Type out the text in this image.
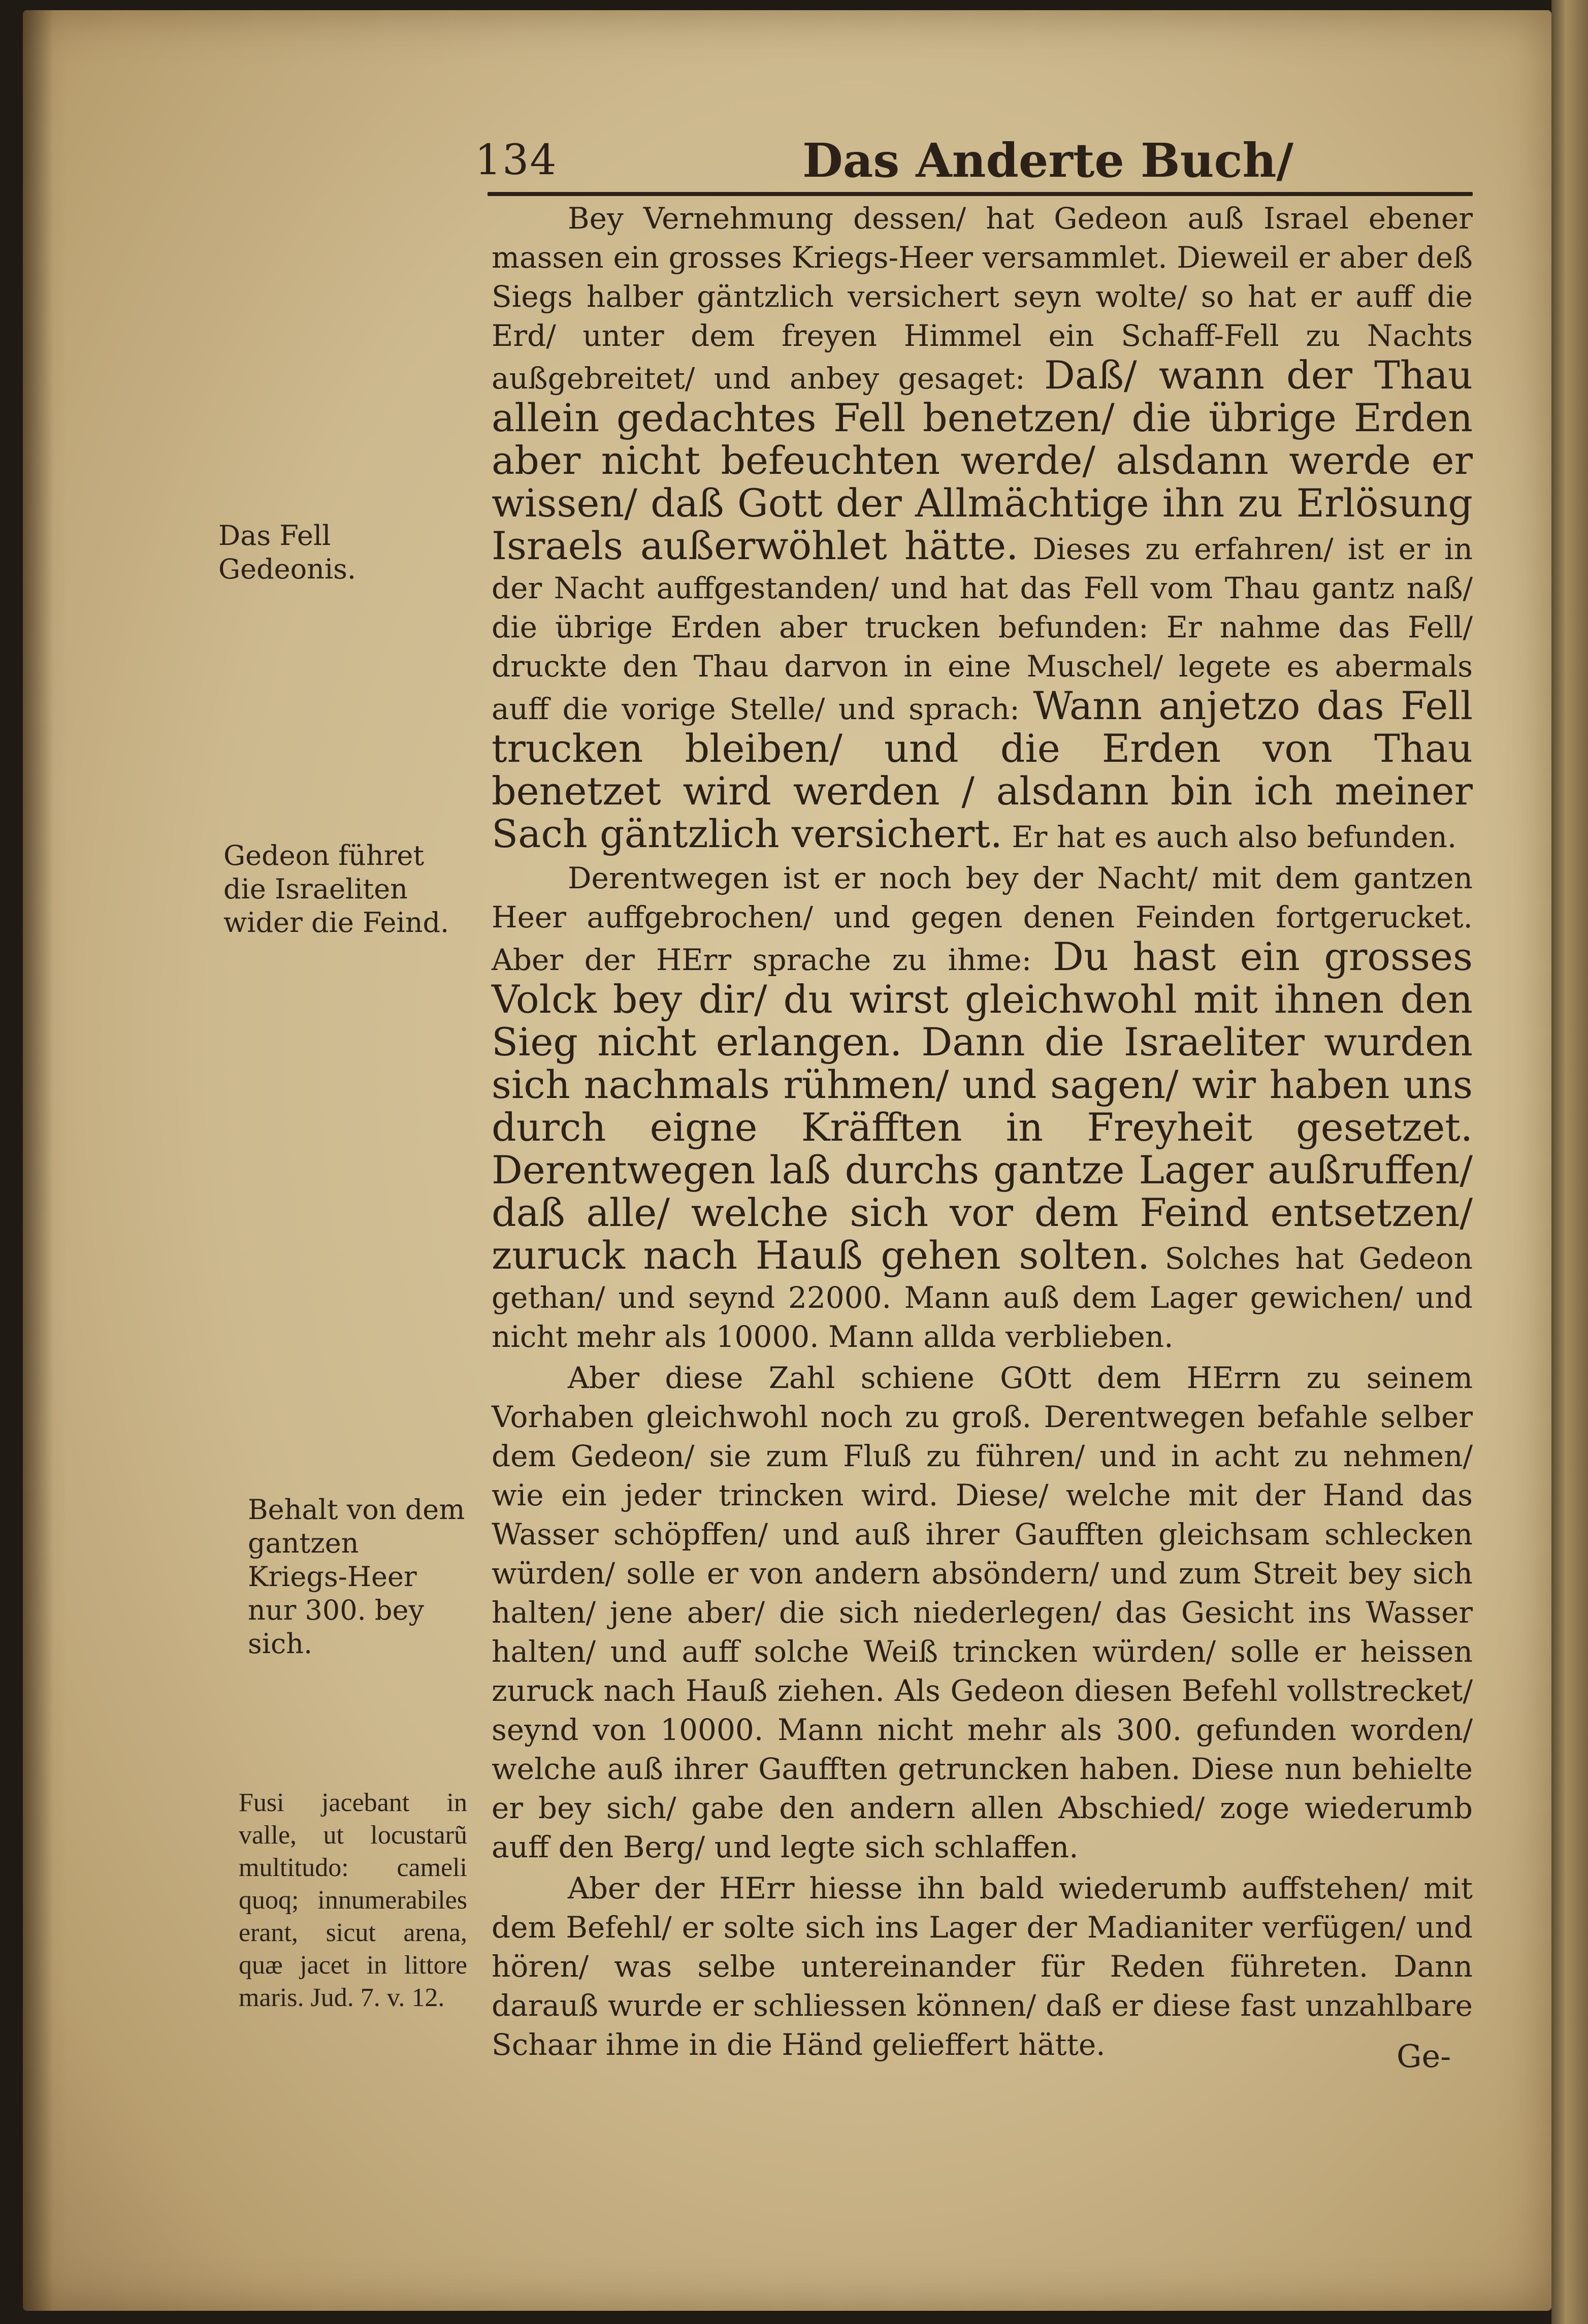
134	Das Anderte Buch/

Bey Vernehmung dessen/ hat Gedeon auß Israel ebener massen ein grosses Kriegs-Heer versammlet. Dieweil er aber deß Siegs halber gäntzlich versichert seyn wolte/ so hat er auff die Erd/ unter dem freyen Himmel ein Schaff-Fell zu Nachts außgebreitet/ und anbey gesaget: Daß/ wann der Thau allein gedachtes Fell benetzen/ die übrige Erden aber nicht befeuchten werde/ alsdann werde er wissen/ daß Gott der Allmächtige ihn zu Erlösung Israels außerwöhlet hätte. Dieses zu erfahren/ ist er in der Nacht auffgestanden/ und hat das Fell vom Thau gantz naß/ die übrige Erden aber trucken befunden: Er nahme das Fell/ druckte den Thau darvon in eine Muschel/ legete es abermals auff die vorige Stelle/ und sprach: Wann anjetzo das Fell trucken bleiben/ und die Erden von Thau benetzet wird werden / alsdann bin ich meiner Sach gäntzlich versichert. Er hat es auch also befunden.

Derentwegen ist er noch bey der Nacht/ mit dem gantzen Heer auffgebrochen/ und gegen denen Feinden fortgerucket. Aber der HErr sprache zu ihme: Du hast ein grosses Volck bey dir/ du wirst gleichwohl mit ihnen den Sieg nicht erlangen. Dann die Israeliter wurden sich nachmals rühmen/ und sagen/ wir haben uns durch eigne Kräfften in Freyheit gesetzet. Derentwegen laß durchs gantze Lager außruffen/ daß alle/ welche sich vor dem Feind entsetzen/ zuruck nach Hauß gehen solten. Solches hat Gedeon gethan/ und seynd 22000. Mann auß dem Lager gewichen/ und nicht mehr als 10000. Mann allda verblieben.

Aber diese Zahl schiene GOtt dem HErrn zu seinem Vorhaben gleichwohl noch zu groß. Derentwegen befahle selber dem Gedeon/ sie zum Fluß zu führen/ und in acht zu nehmen/ wie ein jeder trincken wird. Diese/ welche mit der Hand das Wasser schöpffen/ und auß ihrer Gaufften gleichsam schlecken würden/ solle er von andern absöndern/ und zum Streit bey sich halten/ jene aber/ die sich niederlegen/ das Gesicht ins Wasser halten/ und auff solche Weiß trincken würden/ solle er heissen zuruck nach Hauß ziehen. Als Gedeon diesen Befehl vollstrecket/ seynd von 10000. Mann nicht mehr als 300. gefunden worden/ welche auß ihrer Gaufften getruncken haben. Diese nun behielte er bey sich/ gabe den andern allen Abschied/ zoge wiederumb auff den Berg/ und legte sich schlaffen.

Aber der HErr hiesse ihn bald wiederumb auffstehen/ mit dem Befehl/ er solte sich ins Lager der Madianiter verfügen/ und hören/ was selbe untereinander für Reden führeten. Dann darauß wurde er schliessen können/ daß er diese fast unzahlbare Schaar ihme in die Händ gelieffert hätte.

Das Fell Gedeonis.

Gedeon führet die Israeliten wider die Feind.

Behalt von dem gantzen Kriegs-Heer nur 300. bey sich.

Fusi jacebant in valle, ut locustarũ multitudo: cameli quoq; innumerabiles erant, sicut arena, quæ jacet in littore maris. Jud. 7. v. 12.

Ge-
